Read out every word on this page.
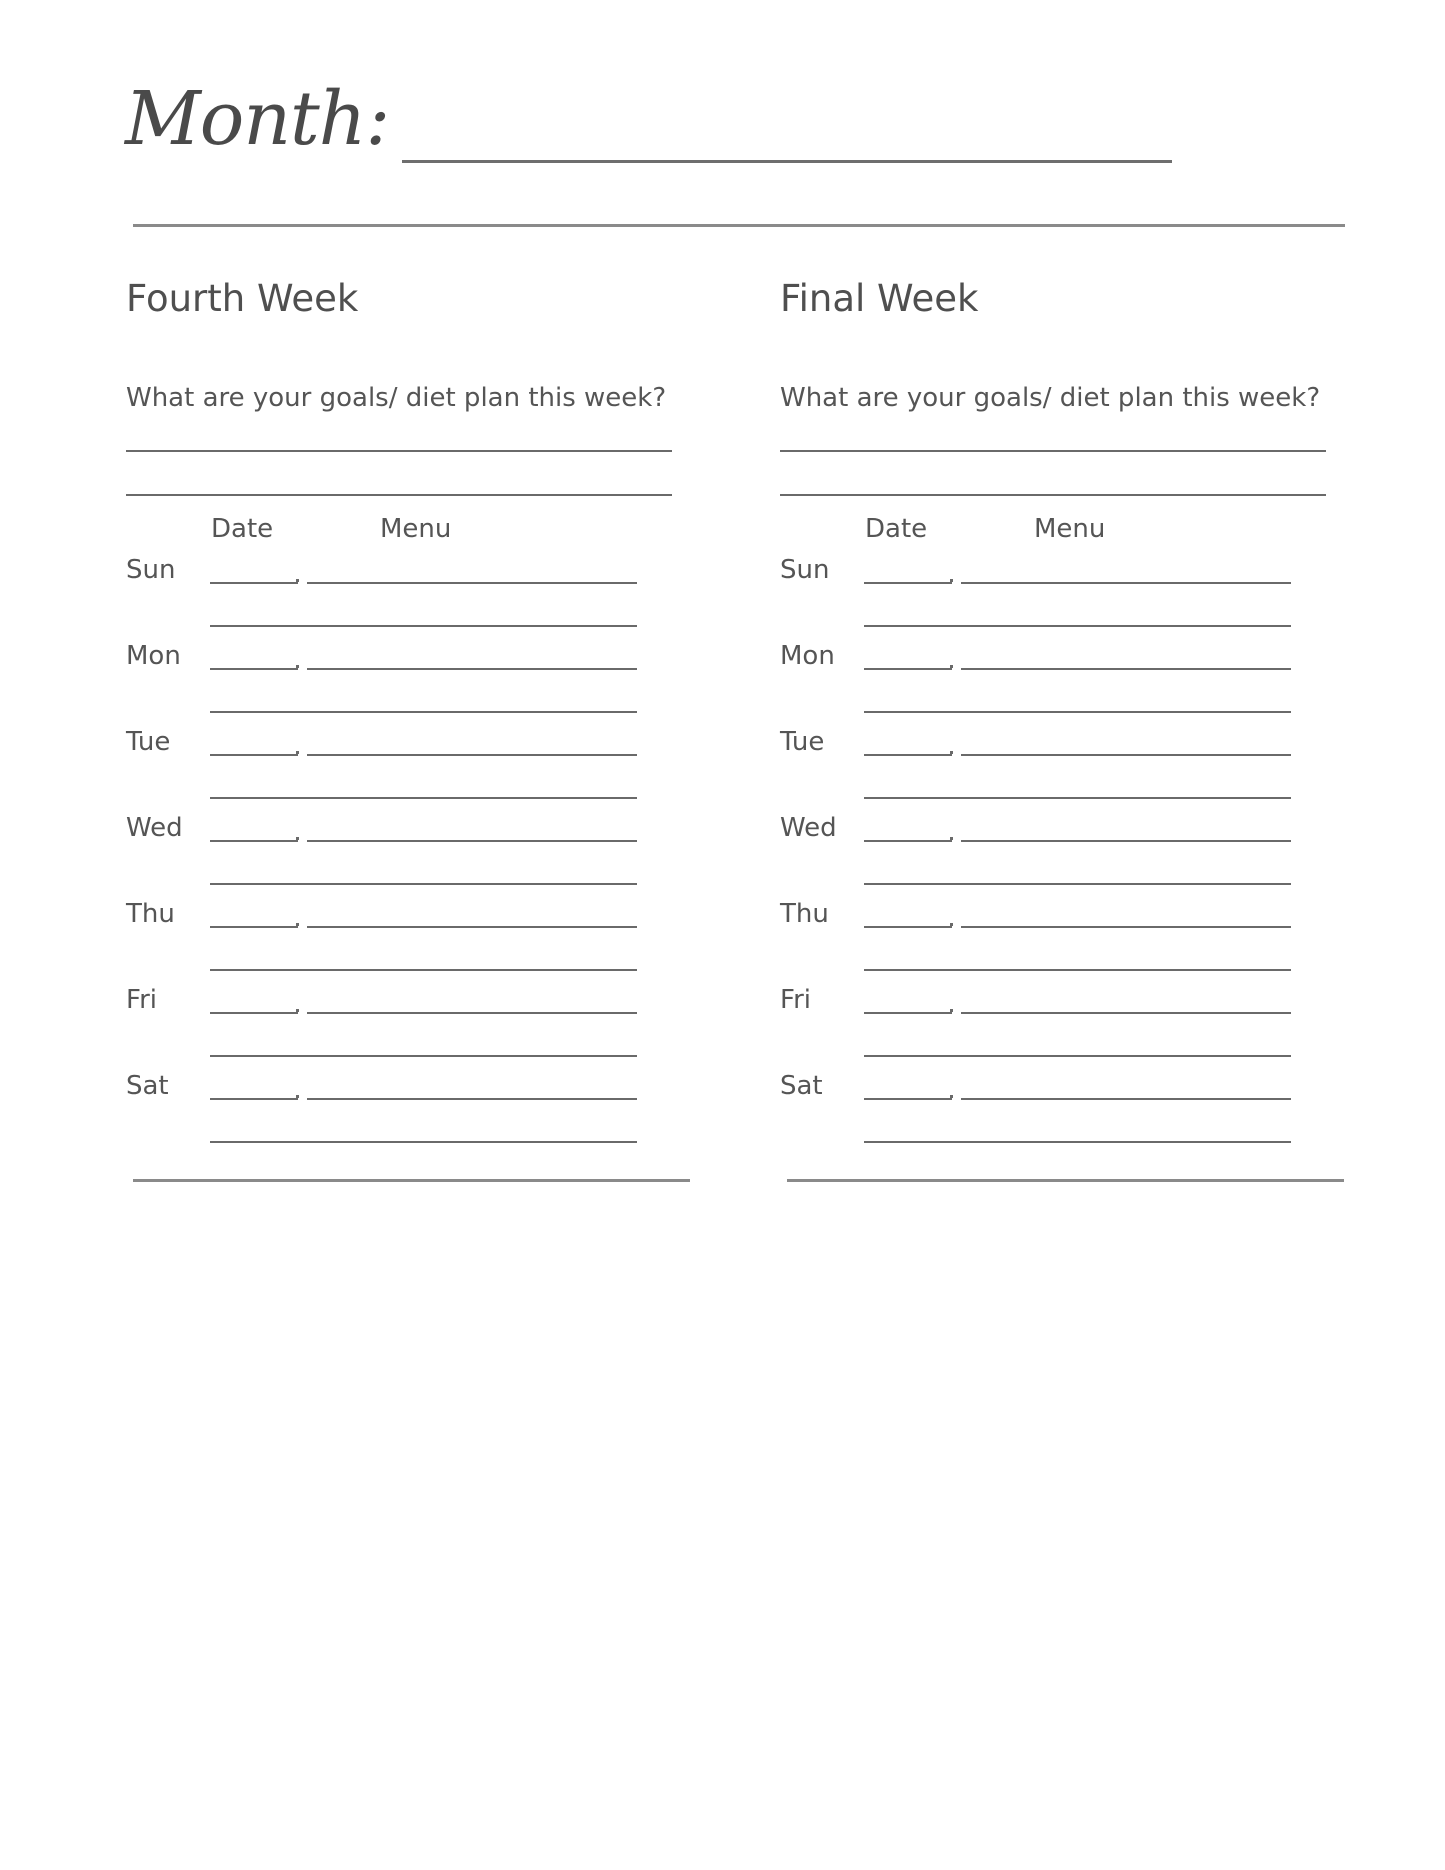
Month:
Fourth Week
What are your goals/ diet plan this week?
Date	Menu
Sun
Mon
Tue
Wed
Thu
Fri
Sat
Final Week
What are your goals/ diet plan this week?
Date	Menu
Sun
Mon
Tue
Wed
Thu
Fri
Sat
